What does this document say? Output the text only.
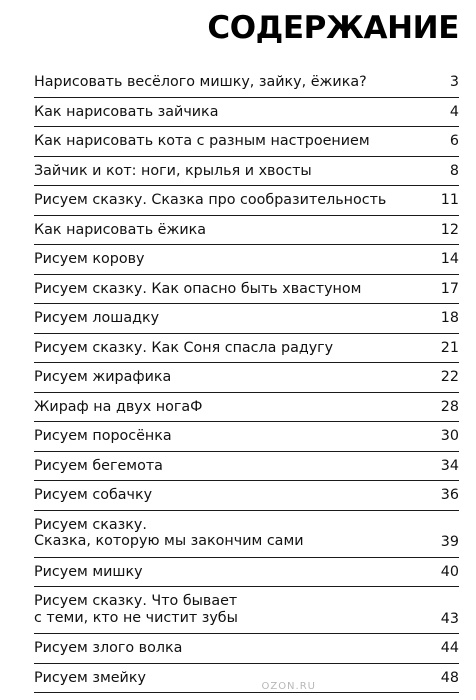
СОДЕРЖАНИЕ
Нарисовать весёлого мишку, зайку, ёжика?	3
Как нарисовать зайчика	4
Как нарисовать кота с разным настроением	6
Зайчик и кот: ноги, крылья и хвосты	8
Рисуем сказку. Сказка про сообразительность	11
Как нарисовать ёжика	12
Рисуем корову	14
Рисуем сказку. Как опасно быть хвастуном	17
Рисуем лошадку	18
Рисуем сказку. Как Соня спасла радугу	21
Рисуем жирафика	22
Жираф на двух ногаФ	28
Рисуем поросёнка	30
Рисуем бегемота	34
Рисуем собачку	36
Рисуем сказку.
Сказка, которую мы закончим сами	39
Рисуем мишку	40
Рисуем сказку. Что бывает
с теми, кто не чистит зубы	43
Рисуем злого волка	44
Рисуем змейку	48
OZON.RU
